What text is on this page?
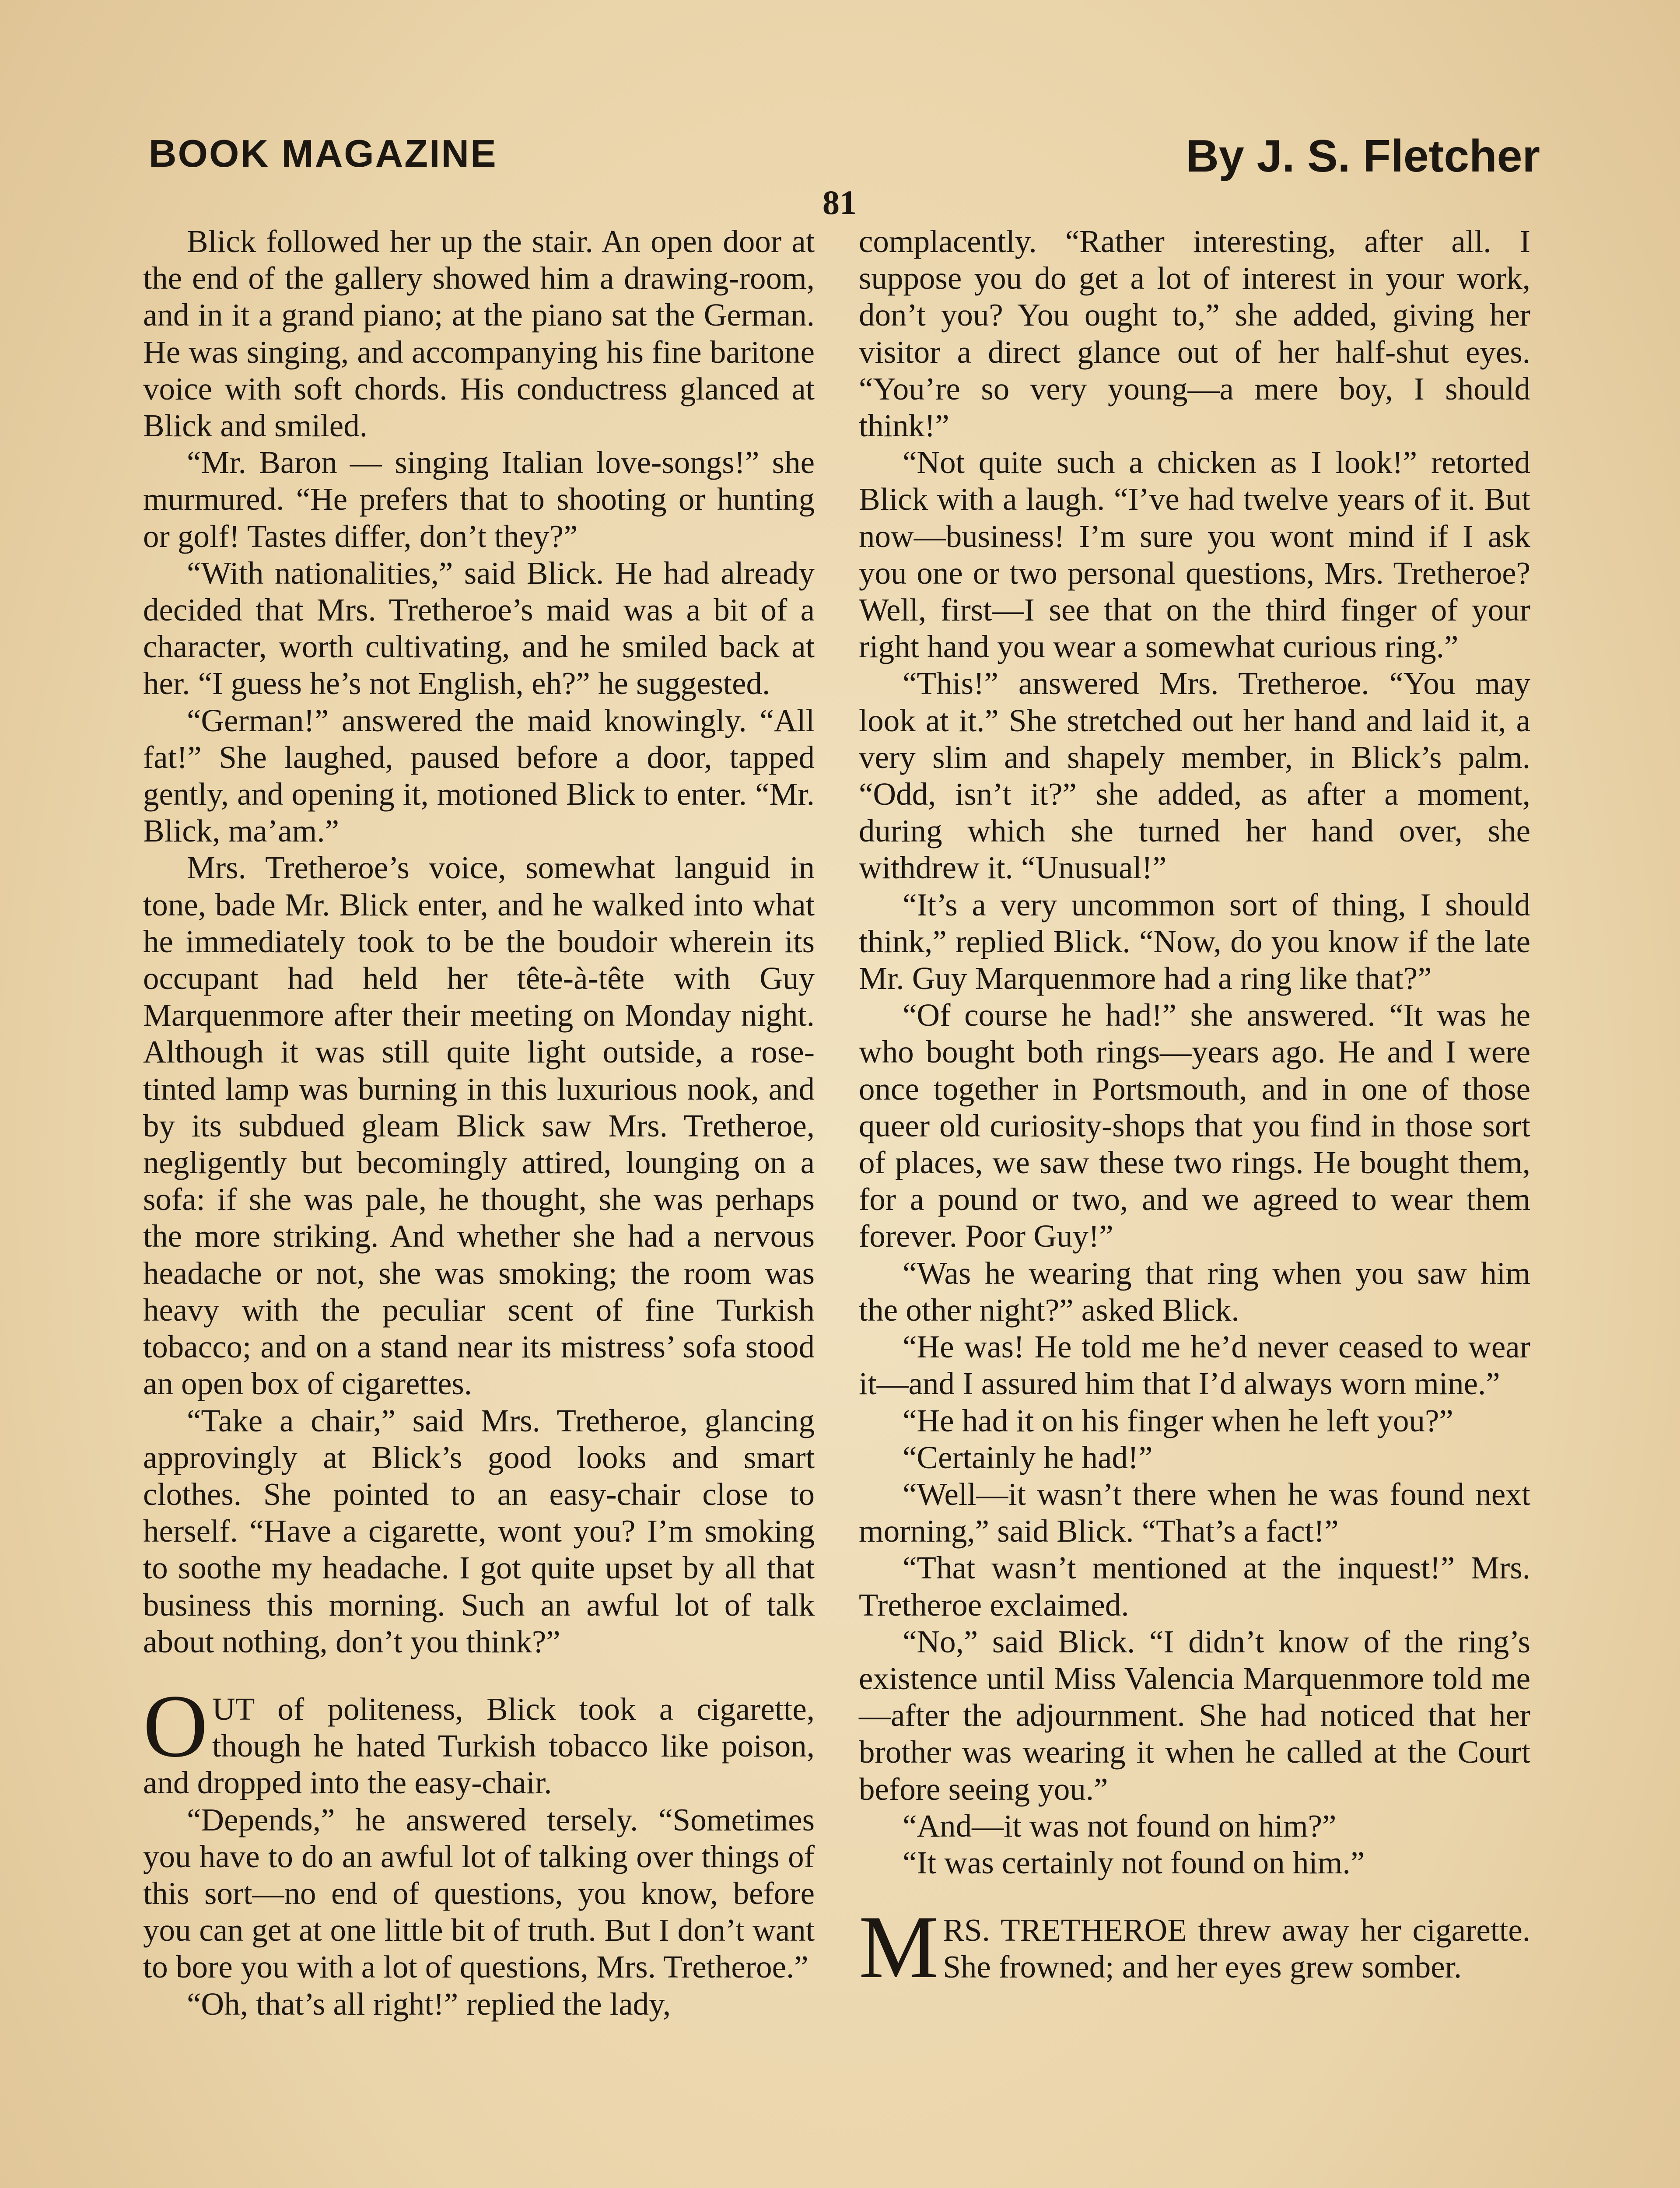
BOOK MAGAZINE	By J. S. Fletcher
81

Blick followed her up the stair. An open door at the end of the gallery showed him a drawing-room, and in it a grand piano; at the piano sat the German. He was singing, and accompanying his fine baritone voice with soft chords. His conductress glanced at Blick and smiled.

“Mr. Baron — singing Italian love-songs!” she murmured. “He prefers that to shooting or hunting or golf! Tastes differ, don’t they?”

“With nationalities,” said Blick. He had already decided that Mrs. Tretheroe’s maid was a bit of a character, worth cultivating, and he smiled back at her. “I guess he’s not English, eh?” he suggested.

“German!” answered the maid knowingly. “All fat!” She laughed, paused before a door, tapped gently, and opening it, motioned Blick to enter. “Mr. Blick, ma’am.”

Mrs. Tretheroe’s voice, somewhat languid in tone, bade Mr. Blick enter, and he walked into what he immediately took to be the boudoir wherein its occupant had held her tête-à-tête with Guy Marquenmore after their meeting on Monday night. Although it was still quite light outside, a rose-tinted lamp was burning in this luxurious nook, and by its subdued gleam Blick saw Mrs. Tretheroe, negligently but becomingly attired, lounging on a sofa: if she was pale, he thought, she was perhaps the more striking. And whether she had a nervous headache or not, she was smoking; the room was heavy with the peculiar scent of fine Turkish tobacco; and on a stand near its mistress’ sofa stood an open box of cigarettes.

“Take a chair,” said Mrs. Tretheroe, glancing approvingly at Blick’s good looks and smart clothes. She pointed to an easy-chair close to herself. “Have a cigarette, wont you? I’m smoking to soothe my headache. I got quite upset by all that business this morning. Such an awful lot of talk about nothing, don’t you think?”

OUT of politeness, Blick took a cigarette, though he hated Turkish tobacco like poison, and dropped into the easy-chair.

“Depends,” he answered tersely. “Sometimes you have to do an awful lot of talking over things of this sort—no end of questions, you know, before you can get at one little bit of truth. But I don’t want to bore you with a lot of questions, Mrs. Tretheroe.”

“Oh, that’s all right!” replied the lady,

complacently. “Rather interesting, after all. I suppose you do get a lot of interest in your work, don’t you? You ought to,” she added, giving her visitor a direct glance out of her half-shut eyes. “You’re so very young—a mere boy, I should think!”

“Not quite such a chicken as I look!” retorted Blick with a laugh. “I’ve had twelve years of it. But now—business! I’m sure you wont mind if I ask you one or two personal questions, Mrs. Tretheroe? Well, first—I see that on the third finger of your right hand you wear a somewhat curious ring.”

“This!” answered Mrs. Tretheroe. “You may look at it.” She stretched out her hand and laid it, a very slim and shapely member, in Blick’s palm. “Odd, isn’t it?” she added, as after a moment, during which she turned her hand over, she withdrew it. “Unusual!”

“It’s a very uncommon sort of thing, I should think,” replied Blick. “Now, do you know if the late Mr. Guy Marquenmore had a ring like that?”

“Of course he had!” she answered. “It was he who bought both rings—years ago. He and I were once together in Portsmouth, and in one of those queer old curiosity-shops that you find in those sort of places, we saw these two rings. He bought them, for a pound or two, and we agreed to wear them forever. Poor Guy!”

“Was he wearing that ring when you saw him the other night?” asked Blick.

“He was! He told me he’d never ceased to wear it—and I assured him that I’d always worn mine.”

“He had it on his finger when he left you?”

“Certainly he had!”

“Well—it wasn’t there when he was found next morning,” said Blick. “That’s a fact!”

“That wasn’t mentioned at the inquest!” Mrs. Tretheroe exclaimed.

“No,” said Blick. “I didn’t know of the ring’s existence until Miss Valencia Marquenmore told me—after the adjournment. She had noticed that her brother was wearing it when he called at the Court before seeing you.”

“And—it was not found on him?”

“It was certainly not found on him.”

MRS. TRETHEROE threw away her cigarette. She frowned; and her eyes grew somber.
